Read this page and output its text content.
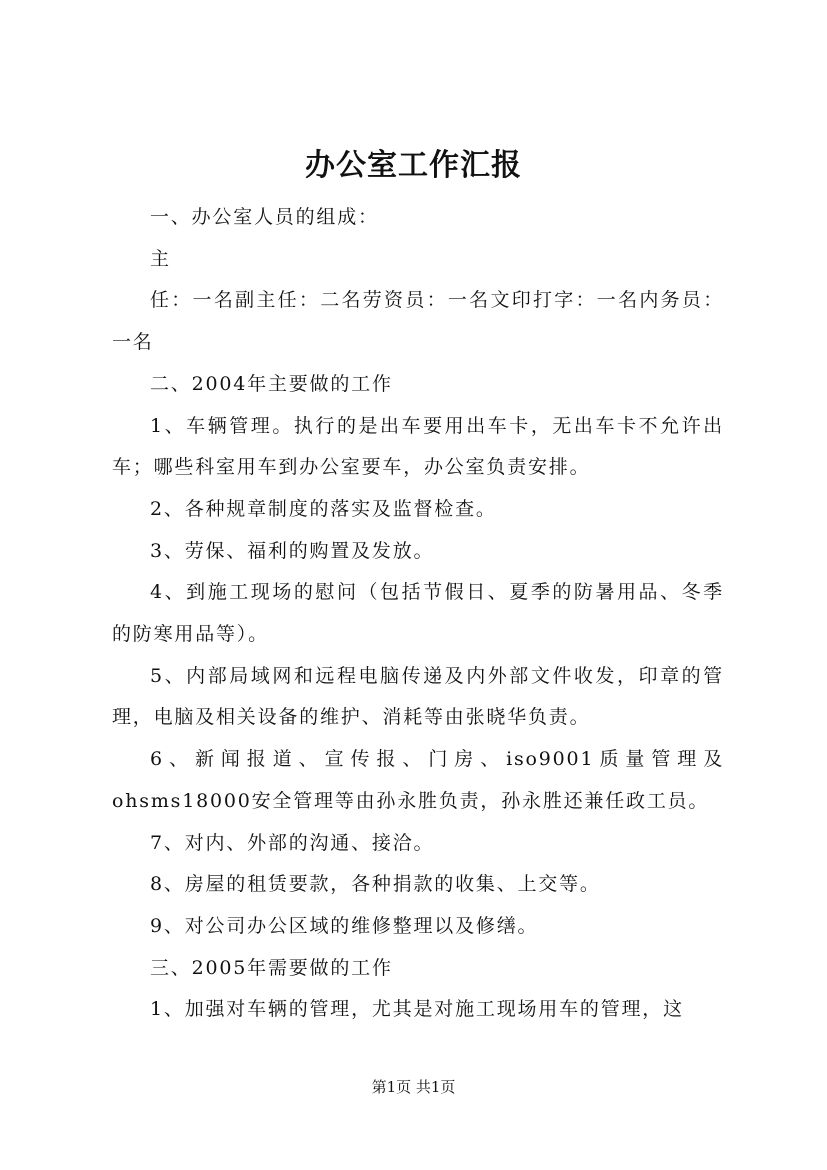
办公室工作汇报

一、办公室人员的组成：

主

任：一名副主任：二名劳资员：一名文印打字：一名内务员：一名

二、2004年主要做的工作

1、车辆管理。执行的是出车要用出车卡，无出车卡不允许出车；哪些科室用车到办公室要车，办公室负责安排。

2、各种规章制度的落实及监督检查。

3、劳保、福利的购置及发放。

4、到施工现场的慰问（包括节假日、夏季的防暑用品、冬季的防寒用品等）。

5、内部局域网和远程电脑传递及内外部文件收发，印章的管理，电脑及相关设备的维护、消耗等由张晓华负责。

6、新闻报道、宣传报、门房、iso9001质量管理及ohsms18000安全管理等由孙永胜负责，孙永胜还兼任政工员。

7、对内、外部的沟通、接洽。

8、房屋的租赁要款，各种捐款的收集、上交等。

9、对公司办公区域的维修整理以及修缮。

三、2005年需要做的工作

1、加强对车辆的管理，尤其是对施工现场用车的管理，这

第1页 共1页
